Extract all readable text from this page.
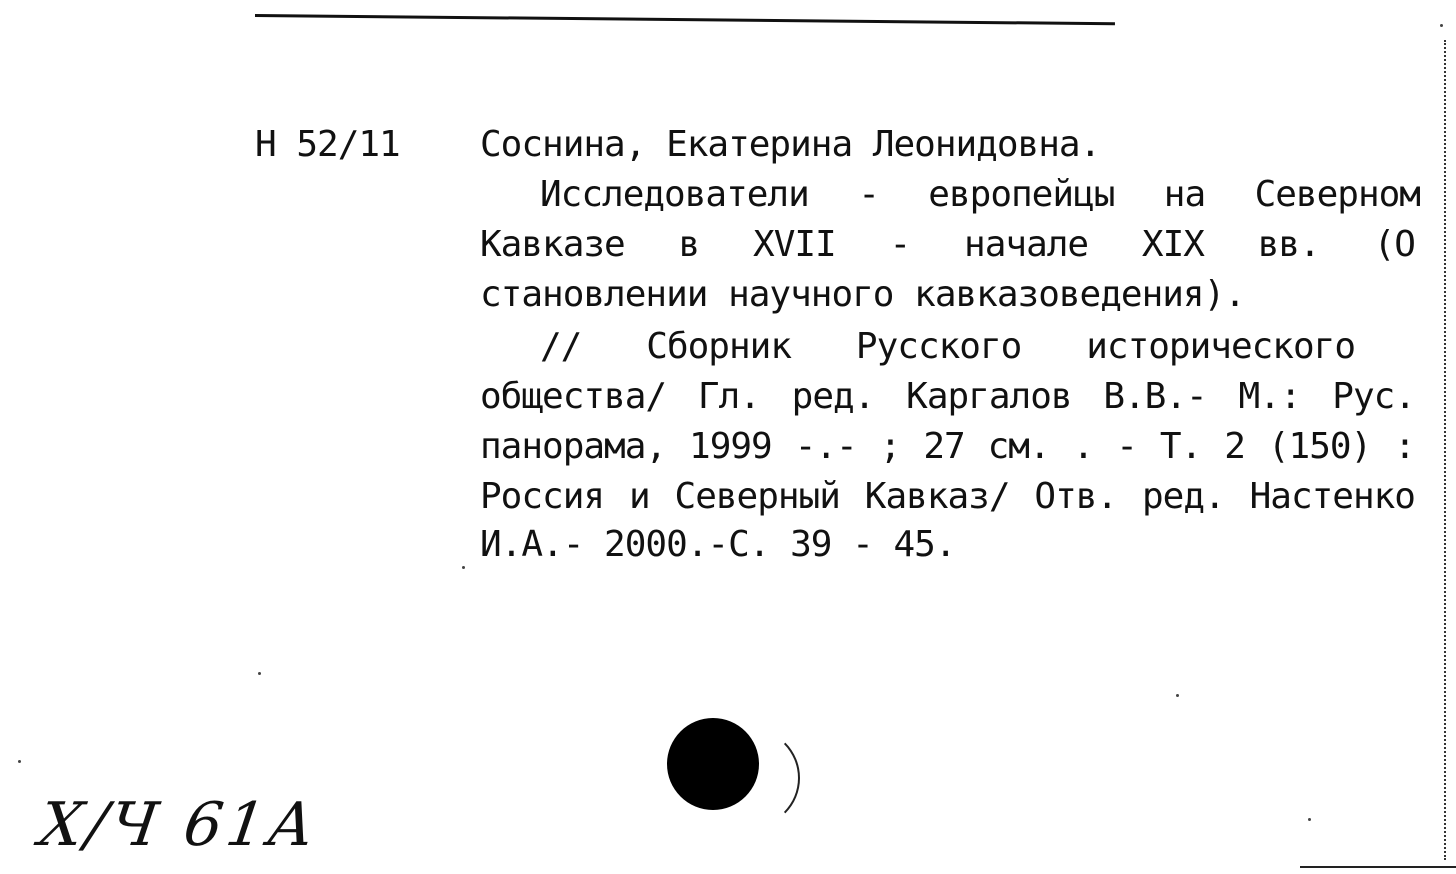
Н 52/11 Соснина, Екатерина Леонидовна.
Исследователи - европейцы на Северном
Кавказе в XVII - начале XIX вв. (О
становлении научного кавказоведения).
// Сборник Русского исторического
общества/ Гл. ред. Каргалов В.В.- М.: Рус.
панорама, 1999 -.- ; 27 см. . - Т. 2 (150) :
Россия и Северный Кавказ/ Отв. ред. Настенко
И.А.- 2000.-С. 39 - 45.
Х/Ч 61А
